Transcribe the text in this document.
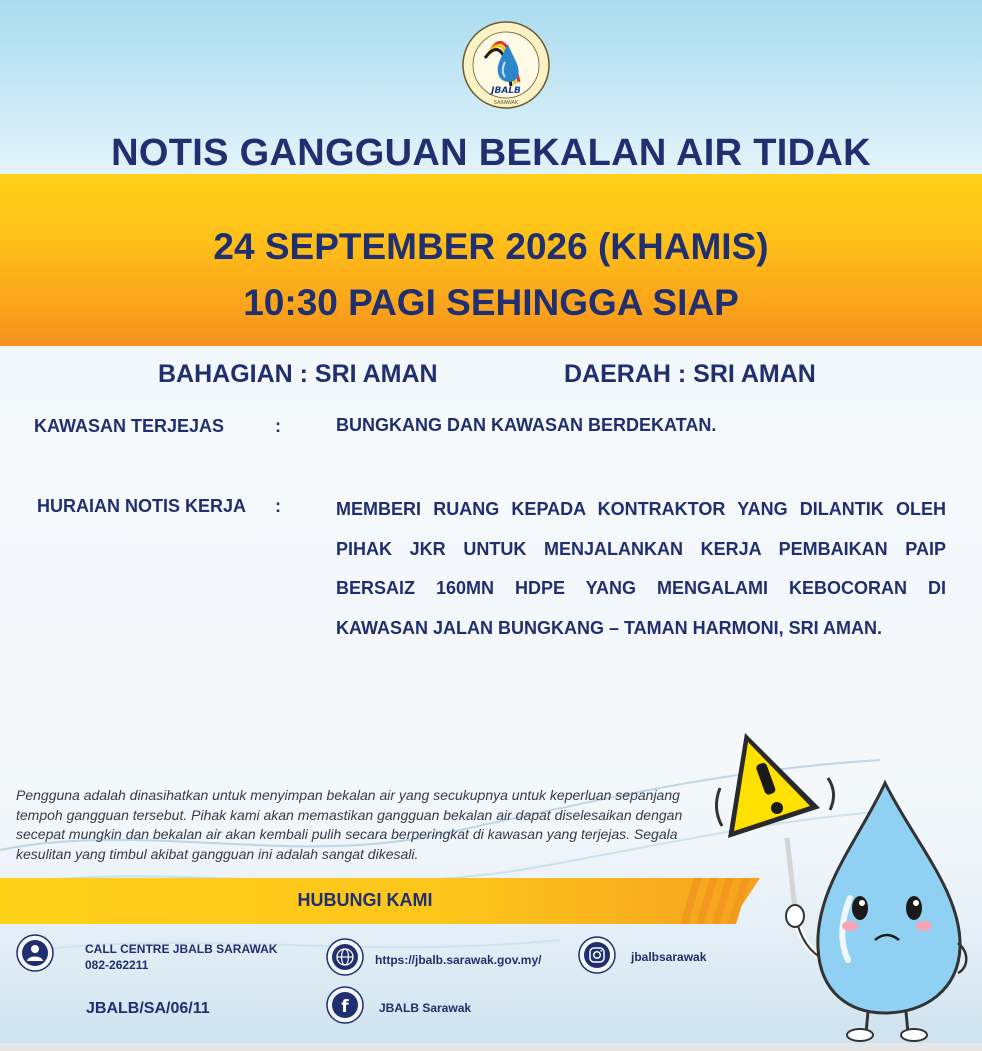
JBALB
SARAWAK
NOTIS GANGGUAN BEKALAN AIR TIDAK
24 SEPTEMBER 2026 (KHAMIS)
10:30 PAGI SEHINGGA SIAP
BAHAGIAN : SRI AMAN	DAERAH : SRI AMAN
KAWASAN TERJEJAS	:	BUNGKANG DAN KAWASAN BERDEKATAN.
HURAIAN NOTIS KERJA :	MEMBERI RUANG KEPADA KONTRAKTOR YANG DILANTIK OLEH PIHAK JKR UNTUK MENJALANKAN KERJA PEMBAIKAN PAIP BERSAIZ 160MN HDPE YANG MENGALAMI KEBOCORAN DI KAWASAN JALAN BUNGKANG – TAMAN HARMONI, SRI AMAN.
Pengguna adalah dinasihatkan untuk menyimpan bekalan air yang secukupnya untuk keperluan sepanjang tempoh gangguan tersebut. Pihak kami akan memastikan gangguan bekalan air dapat diselesaikan dengan secepat mungkin dan bekalan air akan kembali pulih secara berperingkat di kawasan yang terjejas. Segala kesulitan yang timbul akibat gangguan ini adalah sangat dikesali.
HUBUNGI KAMI
CALL CENTRE JBALB SARAWAK
082-262211	https://jbalb.sarawak.gov.my/	jbalbsarawak
f	JBALB Sarawak
JBALB/SA/06/11
